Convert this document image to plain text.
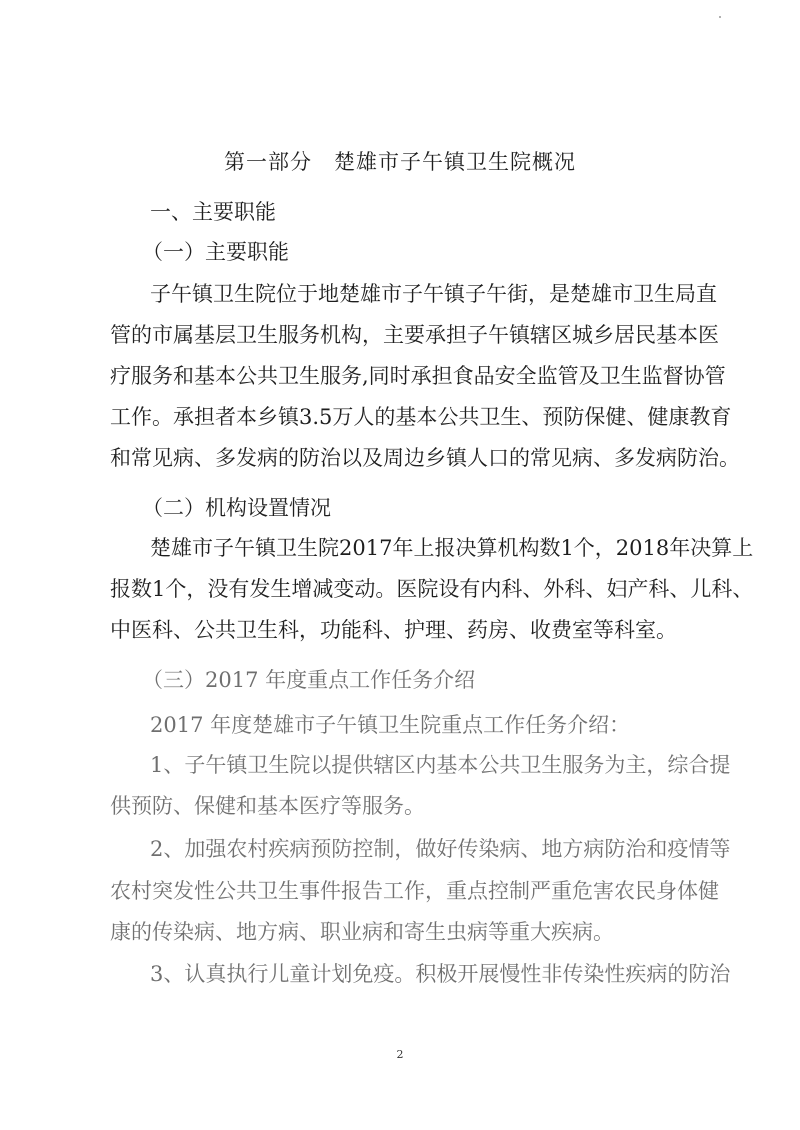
第一部分　楚雄市子午镇卫生院概况
一、主要职能
（一）主要职能
子午镇卫生院位于地楚雄市子午镇子午街，是楚雄市卫生局直
管的市属基层卫生服务机构，主要承担子午镇辖区城乡居民基本医
疗服务和基本公共卫生服务,同时承担食品安全监管及卫生监督协管
工作。承担者本乡镇3.5万人的基本公共卫生、预防保健、健康教育
和常见病、多发病的防治以及周边乡镇人口的常见病、多发病防治。
（二）机构设置情况
楚雄市子午镇卫生院2017年上报决算机构数1个，2018年决算上
报数1个，没有发生增减变动。医院设有内科、外科、妇产科、儿科、
中医科、公共卫生科，功能科、护理、药房、收费室等科室。
（三）2017 年度重点工作任务介绍
2017 年度楚雄市子午镇卫生院重点工作任务介绍：
1、子午镇卫生院以提供辖区内基本公共卫生服务为主，综合提
供预防、保健和基本医疗等服务。
2、加强农村疾病预防控制，做好传染病、地方病防治和疫情等
农村突发性公共卫生事件报告工作，重点控制严重危害农民身体健
康的传染病、地方病、职业病和寄生虫病等重大疾病。
3、认真执行儿童计划免疫。积极开展慢性非传染性疾病的防治
2
